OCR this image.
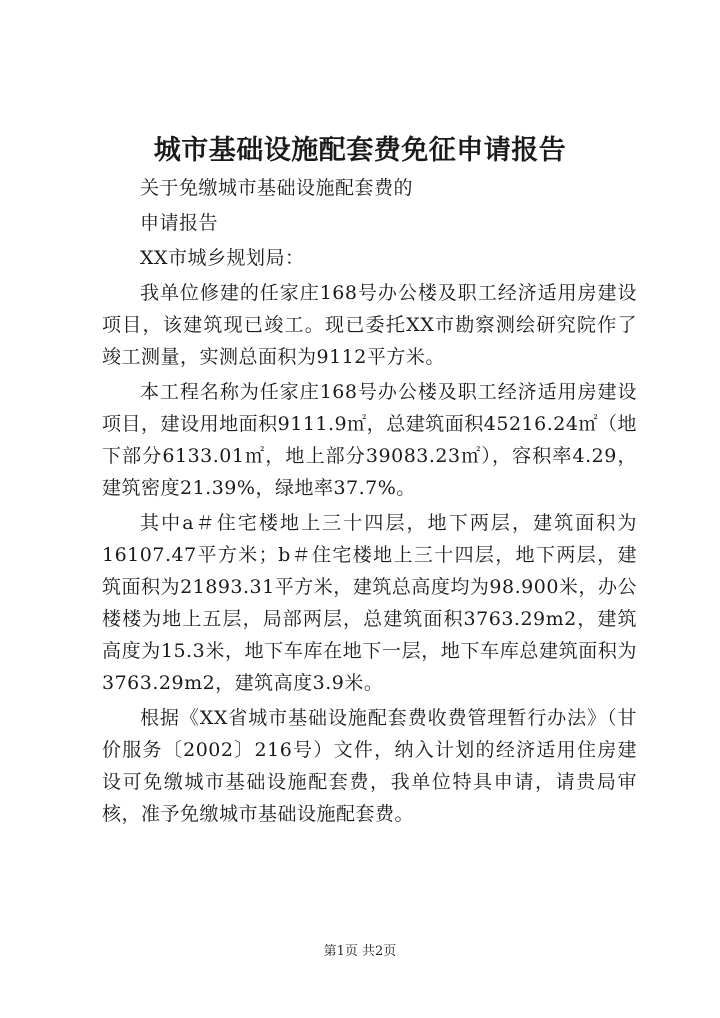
城市基础设施配套费免征申请报告

关于免缴城市基础设施配套费的

申请报告

XX市城乡规划局：

我单位修建的任家庄168号办公楼及职工经济适用房建设项目，该建筑现已竣工。现已委托XX市勘察测绘研究院作了竣工测量，实测总面积为9112平方米。

本工程名称为任家庄168号办公楼及职工经济适用房建设项目，建设用地面积9111.9㎡，总建筑面积45216.24㎡（地下部分6133.01㎡，地上部分39083.23㎡），容积率4.29，建筑密度21.39%，绿地率37.7%。

其中a＃住宅楼地上三十四层，地下两层，建筑面积为16107.47平方米；b＃住宅楼地上三十四层，地下两层，建筑面积为21893.31平方米，建筑总高度均为98.900米，办公楼楼为地上五层，局部两层，总建筑面积3763.29m2，建筑高度为15.3米，地下车库在地下一层，地下车库总建筑面积为3763.29m2，建筑高度3.9米。

根据《XX省城市基础设施配套费收费管理暂行办法》（甘价服务〔2002〕216号）文件，纳入计划的经济适用住房建设可免缴城市基础设施配套费，我单位特具申请，请贵局审核，准予免缴城市基础设施配套费。

第1页 共2页
